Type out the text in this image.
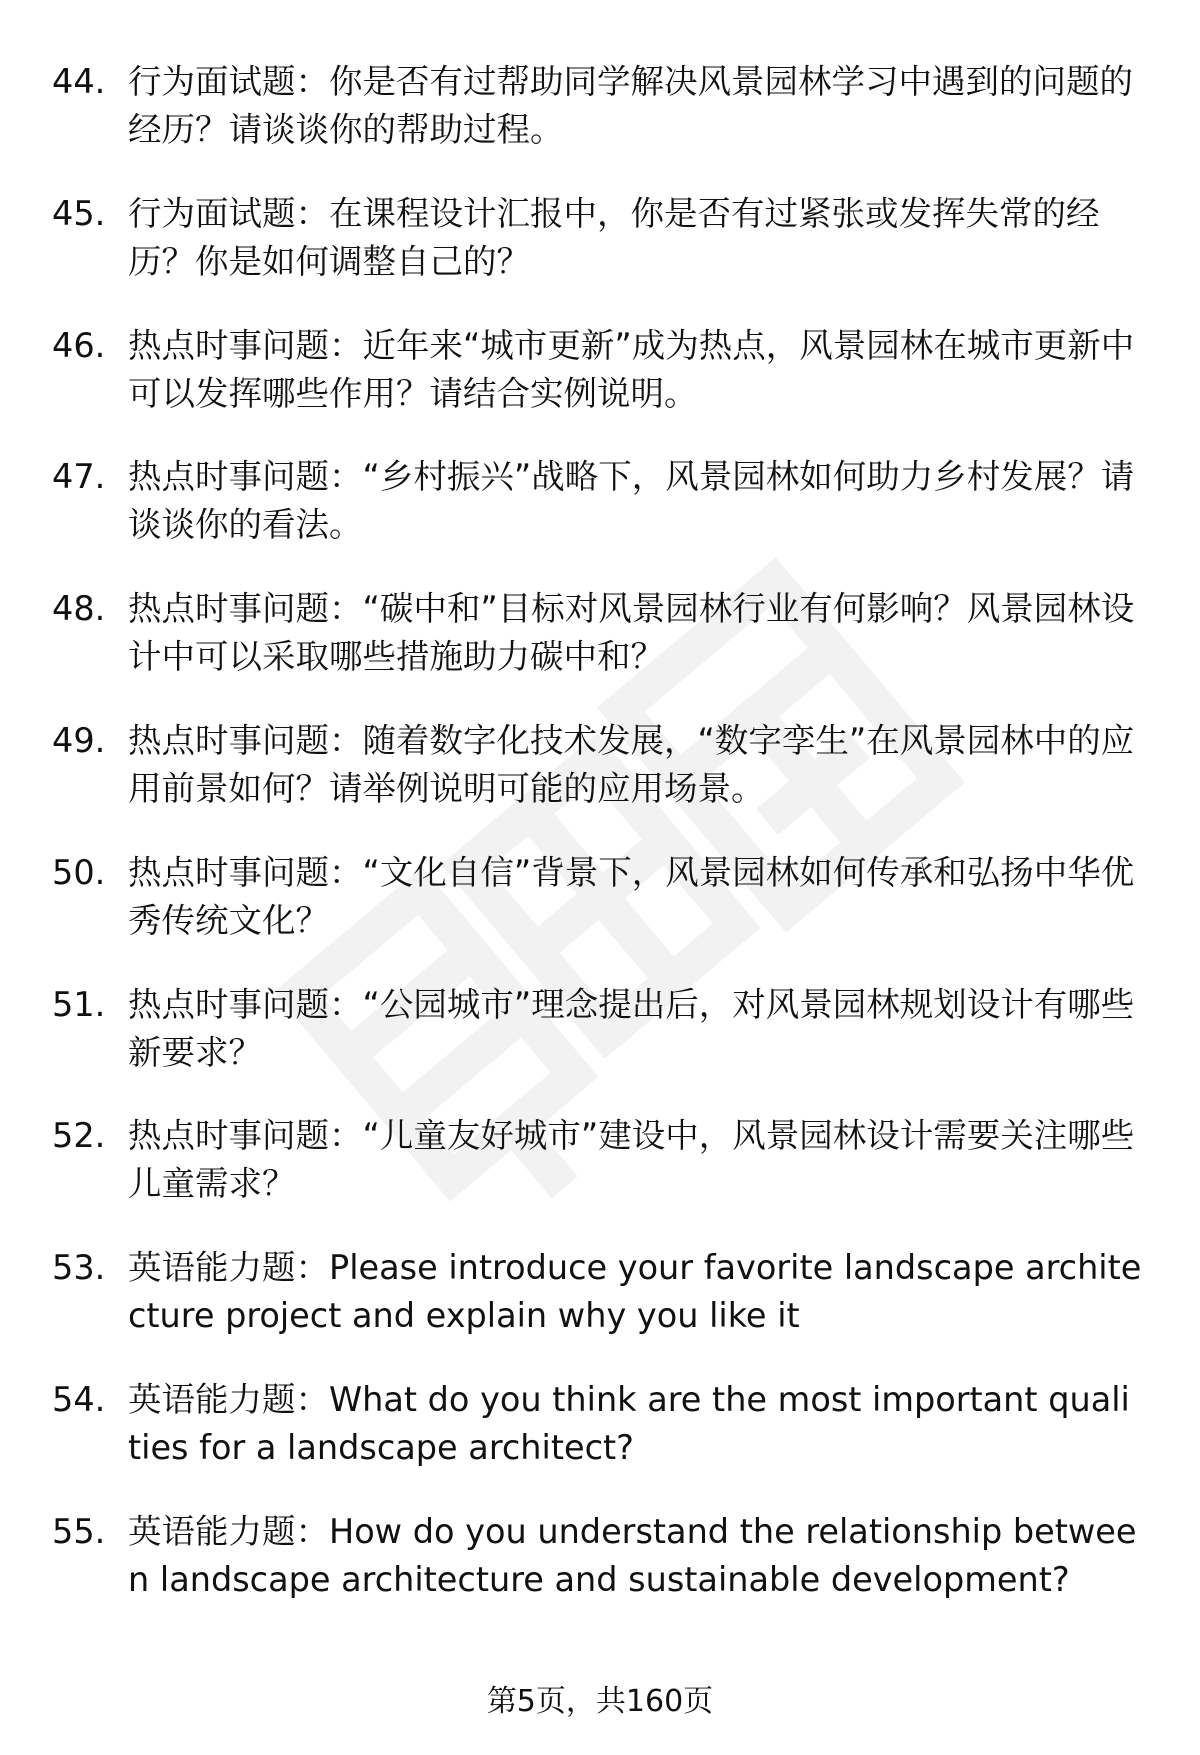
44. 行为面试题：你是否有过帮助同学解决风景园林学习中遇到的问题的经历？请谈谈你的帮助过程。
45. 行为面试题：在课程设计汇报中，你是否有过紧张或发挥失常的经历？你是如何调整自己的？
46. 热点时事问题：近年来“城市更新”成为热点，风景园林在城市更新中可以发挥哪些作用？请结合实例说明。
47. 热点时事问题：“乡村振兴”战略下，风景园林如何助力乡村发展？请谈谈你的看法。
48. 热点时事问题：“碳中和”目标对风景园林行业有何影响？风景园林设计中可以采取哪些措施助力碳中和？
49. 热点时事问题：随着数字化技术发展，“数字孪生”在风景园林中的应用前景如何？请举例说明可能的应用场景。
50. 热点时事问题：“文化自信”背景下，风景园林如何传承和弘扬中华优秀传统文化？
51. 热点时事问题：“公园城市”理念提出后，对风景园林规划设计有哪些新要求？
52. 热点时事问题：“儿童友好城市”建设中，风景园林设计需要关注哪些儿童需求？
53. 英语能力题：Please introduce your favorite landscape architecture project and explain why you like it
54. 英语能力题：What do you think are the most important qualities for a landscape architect?
55. 英语能力题：How do you understand the relationship between landscape architecture and sustainable development?
第5页，共160页
